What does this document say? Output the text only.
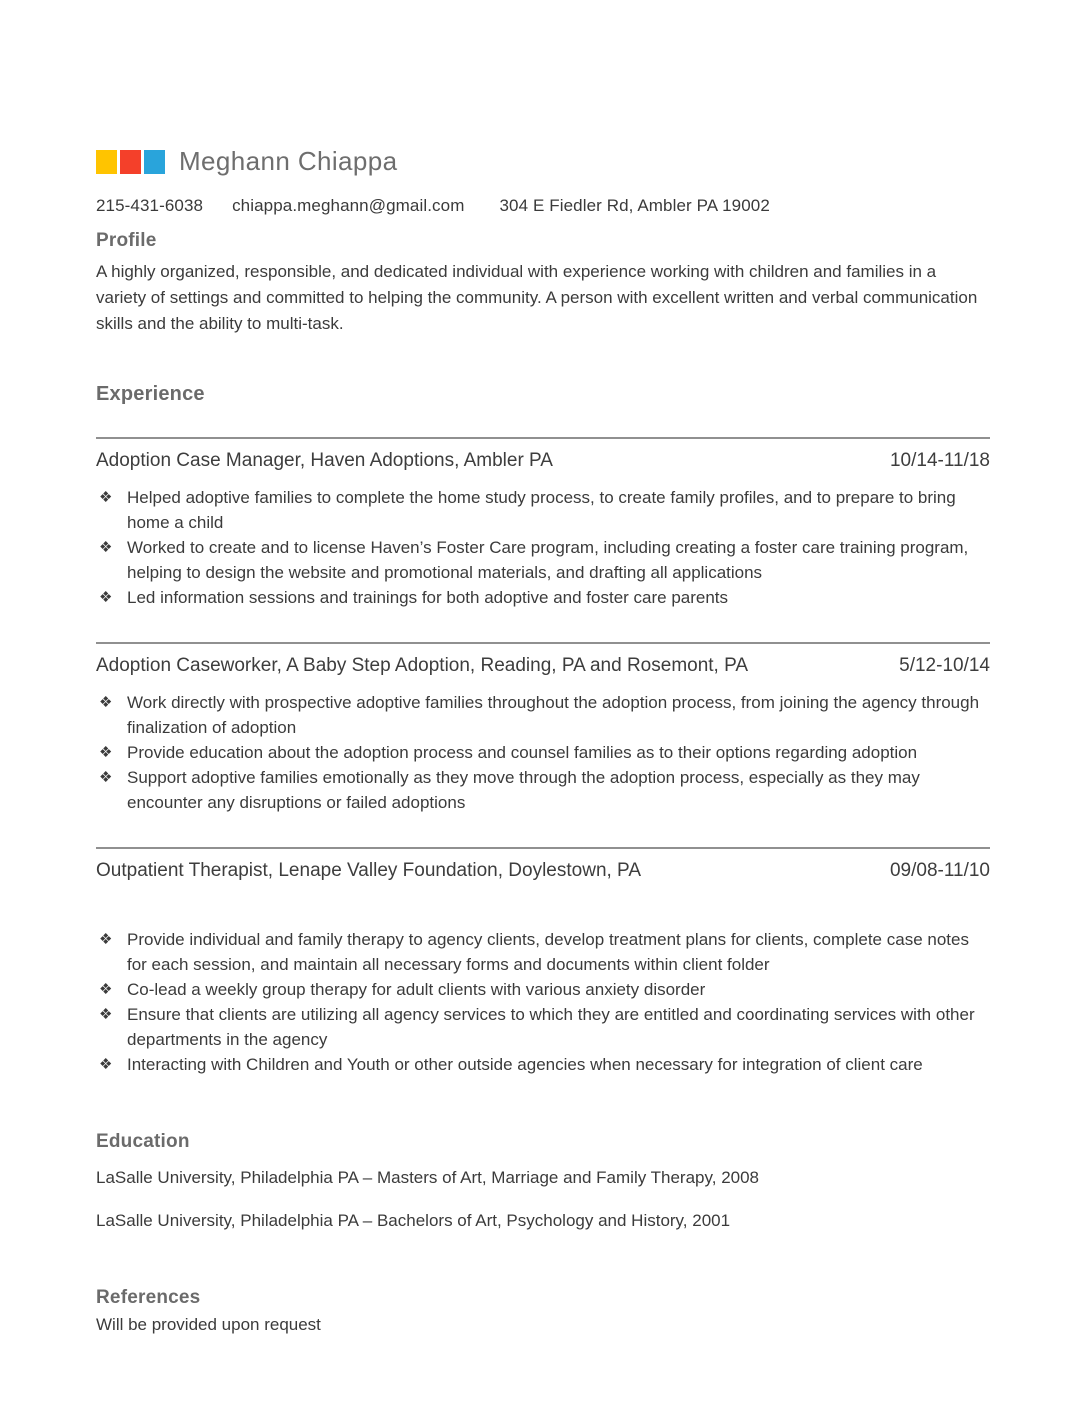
Meghann Chiappa
215-431-6038 chiappa.meghann@gmail.com 304 E Fiedler Rd, Ambler PA 19002
Profile

A highly organized, responsible, and dedicated individual with experience working with children and families in a variety of settings and committed to helping the community. A person with excellent written and verbal communication skills and the ability to multi-task.

Experience
Adoption Case Manager, Haven Adoptions, Ambler PA	10/14-11/18
❖ Helped adoptive families to complete the home study process, to create family profiles, and to prepare to bring home a child
❖ Worked to create and to license Haven’s Foster Care program, including creating a foster care training program, helping to design the website and promotional materials, and drafting all applications
❖ Led information sessions and trainings for both adoptive and foster care parents
Adoption Caseworker, A Baby Step Adoption, Reading, PA and Rosemont, PA	5/12-10/14
❖ Work directly with prospective adoptive families throughout the adoption process, from joining the agency through finalization of adoption
❖ Provide education about the adoption process and counsel families as to their options regarding adoption
❖ Support adoptive families emotionally as they move through the adoption process, especially as they may encounter any disruptions or failed adoptions
Outpatient Therapist, Lenape Valley Foundation, Doylestown, PA	09/08-11/10
❖ Provide individual and family therapy to agency clients, develop treatment plans for clients, complete case notes for each session, and maintain all necessary forms and documents within client folder
❖ Co-lead a weekly group therapy for adult clients with various anxiety disorder
❖ Ensure that clients are utilizing all agency services to which they are entitled and coordinating services with other departments in the agency
❖ Interacting with Children and Youth or other outside agencies when necessary for integration of client care
Education

LaSalle University, Philadelphia PA – Masters of Art, Marriage and Family Therapy, 2008

LaSalle University, Philadelphia PA – Bachelors of Art, Psychology and History, 2001

References

Will be provided upon request
